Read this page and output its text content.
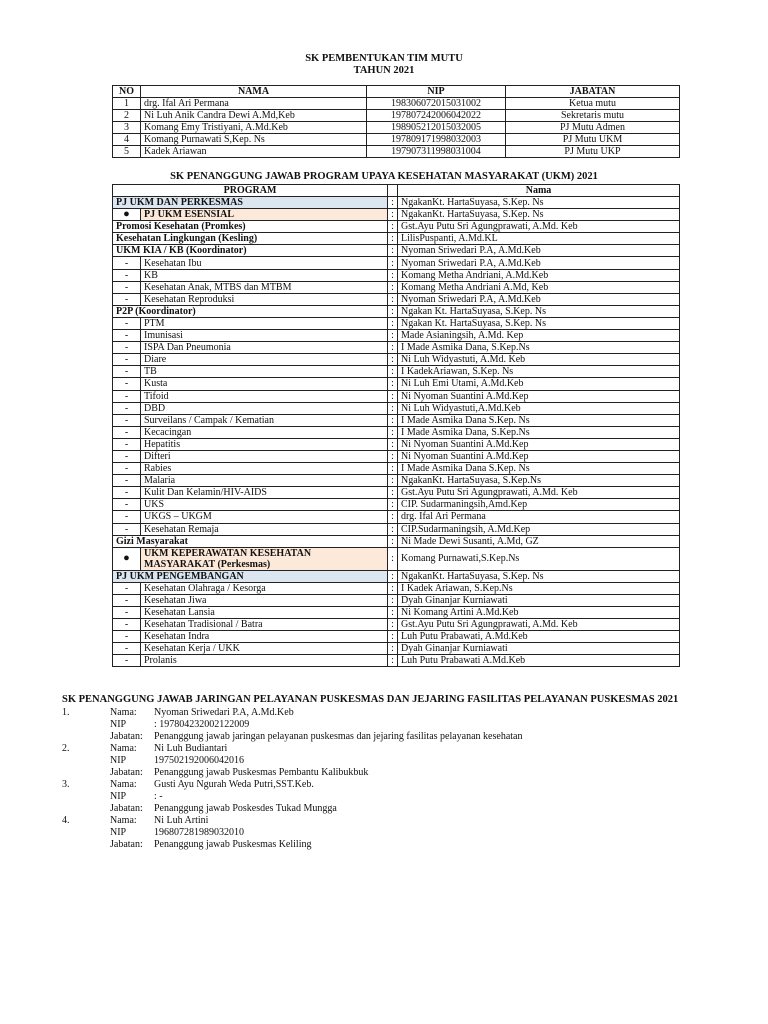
SK PEMBENTUKAN TIM MUTU
TAHUN 2021
NO	NAMA	NIP	JABATAN
1	drg. Ifal Ari Permana	198306072015031002	Ketua mutu
2	Ni Luh Anik Candra Dewi A.Md,Keb	197807242006042022	Sekretaris mutu
3	Komang Emy Tristiyani, A.Md.Keb	198905212015032005	PJ Mutu Admen
4	Komang Purnawati S,Kep. Ns	197809171998032003	PJ Mutu UKM
5	Kadek Ariawan	197907311998031004	PJ Mutu UKP
SK PENANGGUNG JAWAB PROGRAM UPAYA KESEHATAN MASYARAKAT (UKM) 2021
PROGRAM			Nama
PJ UKM DAN PERKESMAS		:	NgakanKt. HartaSuyasa, S.Kep. Ns
●	PJ UKM ESENSIAL	:	NgakanKt. HartaSuyasa, S.Kep. Ns
Promosi Kesehatan (Promkes)		:	Gst.Ayu Putu Sri Agungprawati, A.Md. Keb
Kesehatan Lingkungan (Kesling)		:	LilisPuspanti, A.Md.KL
UKM KIA / KB (Koordinator)		:	Nyoman Sriwedari P.A, A.Md.Keb
-	Kesehatan Ibu	:	Nyoman Sriwedari P.A, A.Md.Keb
-	KB	:	Komang Metha Andriani, A.Md.Keb
-	Kesehatan Anak, MTBS dan MTBM	:	Komang Metha Andriani A.Md, Keb
-	Kesehatan Reproduksi	:	Nyoman Sriwedari P.A, A.Md.Keb
P2P (Koordinator)		:	Ngakan Kt. HartaSuyasa, S.Kep. Ns
-	PTM	:	Ngakan Kt. HartaSuyasa, S.Kep. Ns
-	Imunisasi	:	Made Asianingsih, A.Md. Kep
-	ISPA Dan Pneumonia	:	I Made Asmika Dana, S.Kep.Ns
-	Diare	:	Ni Luh Widyastuti, A.Md. Keb
-	TB	:	I KadekAriawan, S.Kep. Ns
-	Kusta	:	Ni Luh Emi Utami, A.Md.Keb
-	Tifoid	:	Ni Nyoman Suantini A.Md.Kep
-	DBD	:	Ni Luh Widyastuti,A.Md.Keb
-	Surveilans / Campak / Kematian	:	I Made Asmika Dana S.Kep. Ns
-	Kecacingan	:	I Made Asmika Dana, S.Kep.Ns
-	Hepatitis	:	Ni Nyoman Suantini A.Md.Kep
-	Difteri	:	Ni Nyoman Suantini A.Md.Kep
-	Rabies	:	I Made Asmika Dana S.Kep. Ns
-	Malaria	:	NgakanKt. HartaSuyasa, S.Kep.Ns
-	Kulit Dan Kelamin/HIV-AIDS	:	Gst.Ayu Putu Sri Agungprawati, A.Md. Keb
-	UKS	:	CIP. Sudarmaningsih,Amd.Kep
-	UKGS – UKGM	:	drg. Ifal Ari Permana
-	Kesehatan Remaja	:	CIP.Sudarmaningsih, A.Md.Kep
Gizi Masyarakat		:	Ni Made Dewi Susanti, A.Md, GZ
●	UKM KEPERAWATAN KESEHATAN MASYARAKAT (Perkesmas)	:	Komang Purnawati,S.Kep.Ns
PJ UKM PENGEMBANGAN		:	NgakanKt. HartaSuyasa, S.Kep. Ns
-	Kesehatan Olahraga / Kesorga	:	I Kadek Ariawan, S.Kep.Ns
-	Kesehatan Jiwa	:	Dyah Ginanjar Kurniawati
-	Kesehatan Lansia	:	Ni Komang Artini A.Md.Keb
-	Kesehatan Tradisional / Batra	:	Gst.Ayu Putu Sri Agungprawati, A.Md. Keb
-	Kesehatan Indra	:	Luh Putu Prabawati, A.Md.Keb
-	Kesehatan Kerja / UKK	:	Dyah Ginanjar Kurniawati
-	Prolanis	:	Luh Putu Prabawati A.Md.Keb
SK PENANGGUNG JAWAB JARINGAN PELAYANAN PUSKESMAS DAN JEJARING FASILITAS PELAYANAN PUSKESMAS 2021
1.	Nama: Nyoman Sriwedari P.A, A.Md.Keb
NIP	: 197804232002122009
Jabatan: Penanggung jawab jaringan pelayanan puskesmas dan jejaring fasilitas pelayanan kesehatan
2.	Nama: Ni Luh Budiantari
NIP	197502192006042016
Jabatan: Penanggung jawab Puskesmas Pembantu Kalibukbuk
3.	Nama: Gusti Ayu Ngurah Weda Putri,SST.Keb.
NIP	: -
Jabatan: Penanggung jawab Poskesdes Tukad Mungga
4.	Nama: Ni Luh Artini
NIP	196807281989032010
Jabatan: Penanggung jawab Puskesmas Keliling
